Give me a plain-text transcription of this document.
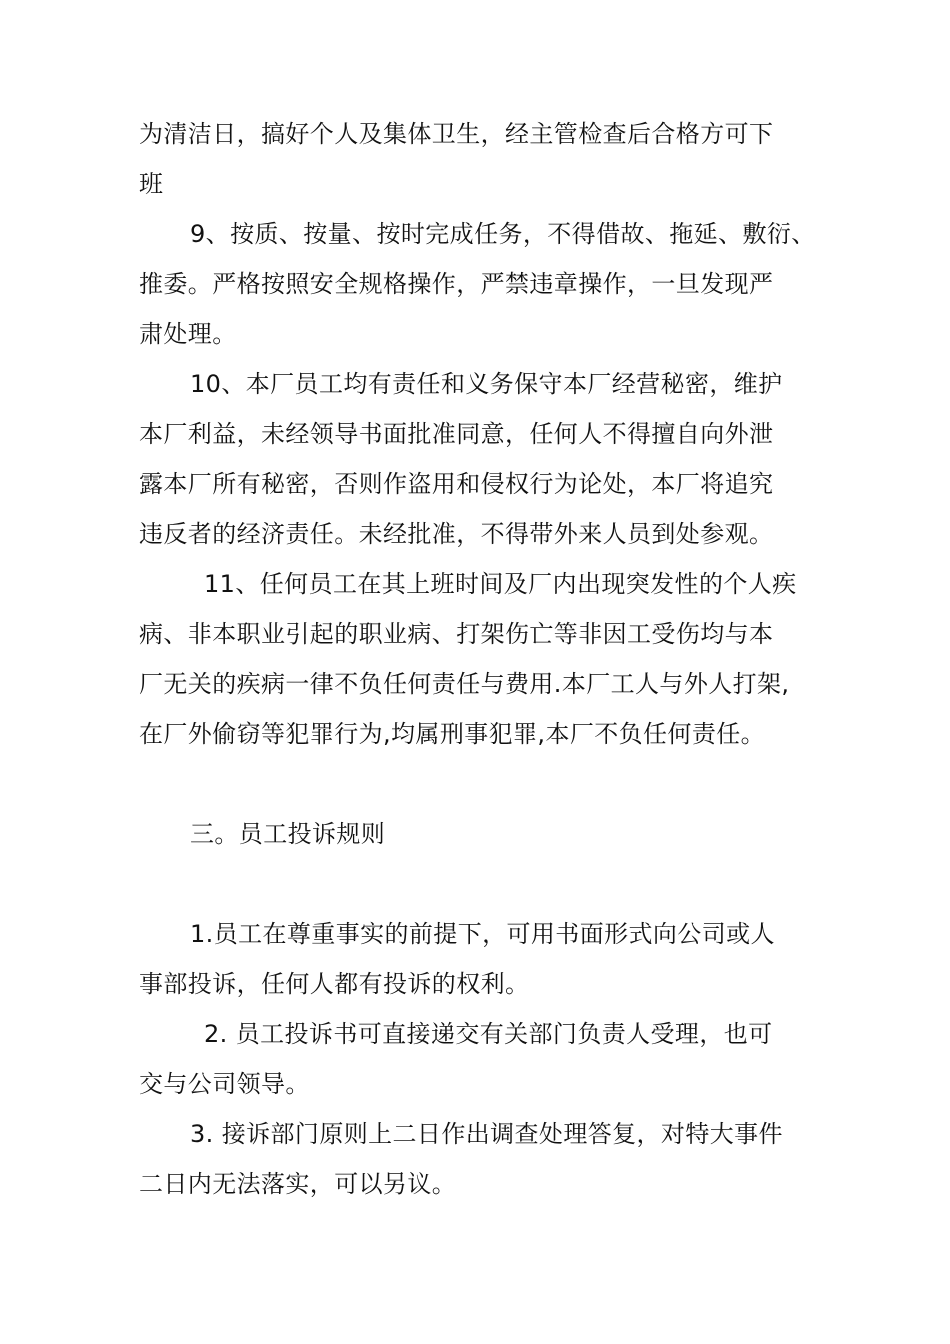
为清洁日，搞好个人及集体卫生，经主管检查后合格方可下
班
9、按质、按量、按时完成任务，不得借故、拖延、敷衍、
推委。严格按照安全规格操作，严禁违章操作，一旦发现严
肃处理。
10、本厂员工均有责任和义务保守本厂经营秘密，维护
本厂利益，未经领导书面批准同意，任何人不得擅自向外泄
露本厂所有秘密，否则作盗用和侵权行为论处，本厂将追究
违反者的经济责任。未经批准，不得带外来人员到处参观。
11、任何员工在其上班时间及厂内出现突发性的个人疾
病、非本职业引起的职业病、打架伤亡等非因工受伤均与本
厂无关的疾病一律不负任何责任与费用.本厂工人与外人打架,
在厂外偷窃等犯罪行为,均属刑事犯罪,本厂不负任何责任。
三。员工投诉规则
1.员工在尊重事实的前提下，可用书面形式向公司或人
事部投诉，任何人都有投诉的权利。
2. 员工投诉书可直接递交有关部门负责人受理，也可
交与公司领导。
3. 接诉部门原则上二日作出调查处理答复，对特大事件
二日内无法落实，可以另议。
